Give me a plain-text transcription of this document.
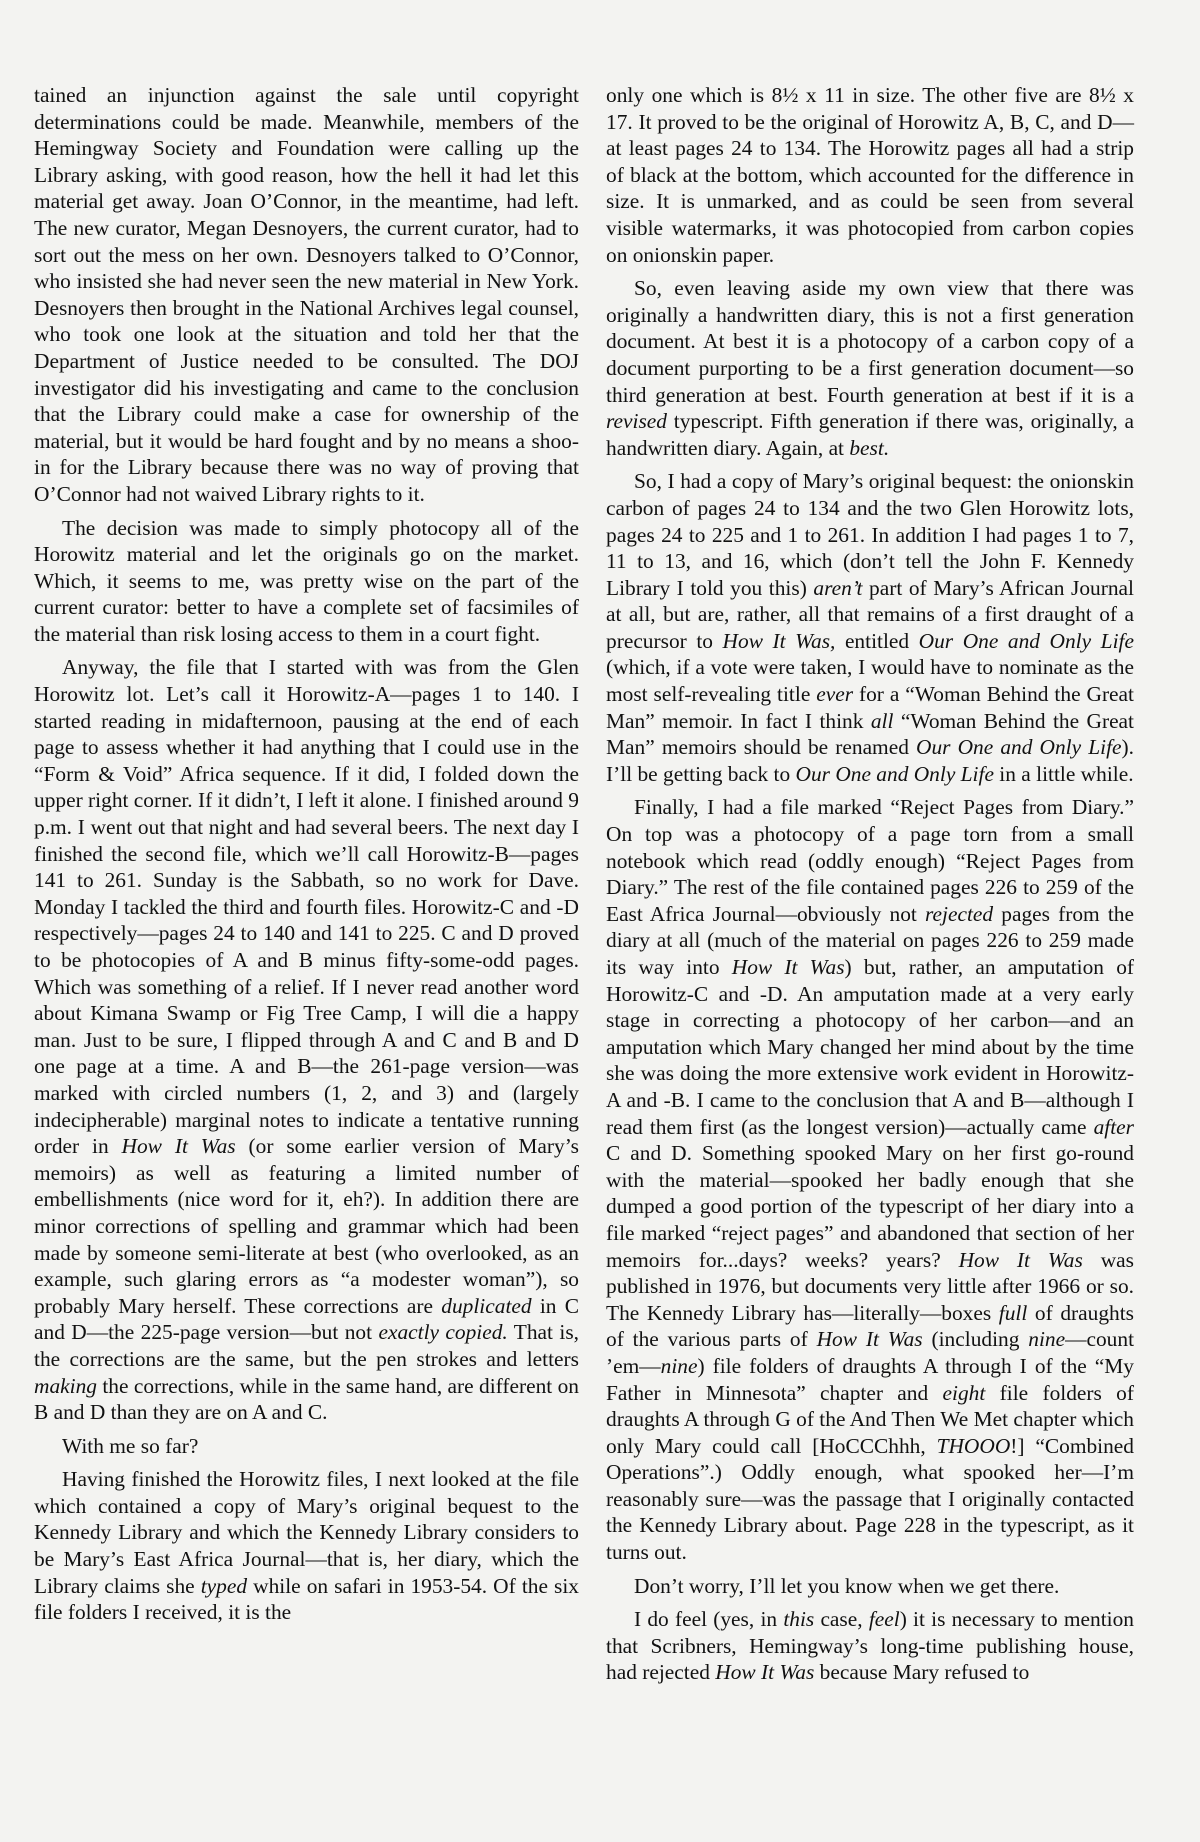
tained an injunction against the sale until copyright determinations could be made. Meanwhile, members of the Hemingway Society and Foundation were calling up the Library asking, with good reason, how the hell it had let this material get away. Joan O’Connor, in the meantime, had left. The new curator, Megan Desnoyers, the current curator, had to sort out the mess on her own. Desnoyers talked to O’Connor, who insisted she had never seen the new material in New York. Desnoyers then brought in the National Archives legal counsel, who took one look at the situation and told her that the Department of Justice needed to be consulted. The DOJ investigator did his investigating and came to the conclusion that the Library could make a case for ownership of the material, but it would be hard fought and by no means a shoo-in for the Library because there was no way of proving that O’Connor had not waived Library rights to it.

The decision was made to simply photocopy all of the Horowitz material and let the originals go on the market. Which, it seems to me, was pretty wise on the part of the current curator: better to have a complete set of facsimiles of the material than risk losing access to them in a court fight.

Anyway, the file that I started with was from the Glen Horowitz lot. Let’s call it Horowitz-A—pages 1 to 140. I started reading in midafternoon, pausing at the end of each page to assess whether it had anything that I could use in the “Form & Void” Africa sequence. If it did, I folded down the upper right corner. If it didn’t, I left it alone. I finished around 9 p.m. I went out that night and had several beers. The next day I finished the second file, which we’ll call Horowitz-B—pages 141 to 261. Sunday is the Sabbath, so no work for Dave. Monday I tackled the third and fourth files. Horowitz-C and -D respectively—pages 24 to 140 and 141 to 225. C and D proved to be photocopies of A and B minus fifty-some-odd pages. Which was something of a relief. If I never read another word about Kimana Swamp or Fig Tree Camp, I will die a happy man. Just to be sure, I flipped through A and C and B and D one page at a time. A and B—the 261-page version—was marked with circled numbers (1, 2, and 3) and (largely indecipherable) marginal notes to indicate a tentative running order in How It Was (or some earlier version of Mary’s memoirs) as well as featuring a limited number of embellishments (nice word for it, eh?). In addition there are minor corrections of spelling and grammar which had been made by someone semi-literate at best (who overlooked, as an example, such glaring errors as “a modester woman”), so probably Mary herself. These corrections are duplicated in C and D—the 225-page version—but not exactly copied. That is, the corrections are the same, but the pen strokes and letters making the corrections, while in the same hand, are different on B and D than they are on A and C.

With me so far?

Having finished the Horowitz files, I next looked at the file which contained a copy of Mary’s original bequest to the Kennedy Library and which the Kennedy Library considers to be Mary’s East Africa Journal—that is, her diary, which the Library claims she typed while on safari in 1953-54. Of the six file folders I received, it is the

only one which is 8½ x 11 in size. The other five are 8½ x 17. It proved to be the original of Horowitz A, B, C, and D—at least pages 24 to 134. The Horowitz pages all had a strip of black at the bottom, which accounted for the difference in size. It is unmarked, and as could be seen from several visible watermarks, it was photocopied from carbon copies on onionskin paper.

So, even leaving aside my own view that there was originally a handwritten diary, this is not a first generation document. At best it is a photocopy of a carbon copy of a document purporting to be a first generation document—so third generation at best. Fourth generation at best if it is a revised typescript. Fifth generation if there was, originally, a handwritten diary. Again, at best.

So, I had a copy of Mary’s original bequest: the onionskin carbon of pages 24 to 134 and the two Glen Horowitz lots, pages 24 to 225 and 1 to 261. In addition I had pages 1 to 7, 11 to 13, and 16, which (don’t tell the John F. Kennedy Library I told you this) aren’t part of Mary’s African Journal at all, but are, rather, all that remains of a first draught of a precursor to How It Was, entitled Our One and Only Life (which, if a vote were taken, I would have to nominate as the most self-revealing title ever for a “Woman Behind the Great Man” memoir. In fact I think all “Woman Behind the Great Man” memoirs should be renamed Our One and Only Life). I’ll be getting back to Our One and Only Life in a little while.

Finally, I had a file marked “Reject Pages from Diary.” On top was a photocopy of a page torn from a small notebook which read (oddly enough) “Reject Pages from Diary.” The rest of the file contained pages 226 to 259 of the East Africa Journal—obviously not rejected pages from the diary at all (much of the material on pages 226 to 259 made its way into How It Was) but, rather, an amputation of Horowitz-C and -D. An amputation made at a very early stage in correcting a photocopy of her carbon—and an amputation which Mary changed her mind about by the time she was doing the more extensive work evident in Horowitz-A and -B. I came to the conclusion that A and B—although I read them first (as the longest version)—actually came after C and D. Something spooked Mary on her first go-round with the material—spooked her badly enough that she dumped a good portion of the typescript of her diary into a file marked “reject pages” and abandoned that section of her memoirs for...days? weeks? years? How It Was was published in 1976, but documents very little after 1966 or so. The Kennedy Library has—literally—boxes full of draughts of the various parts of How It Was (including nine—count ’em—nine) file folders of draughts A through I of the “My Father in Minnesota” chapter and eight file folders of draughts A through G of the And Then We Met chapter which only Mary could call [HoCCChhh, THOOO!] “Combined Operations”.) Oddly enough, what spooked her—I’m reasonably sure—was the passage that I originally contacted the Kennedy Library about. Page 228 in the typescript, as it turns out.

Don’t worry, I’ll let you know when we get there.

I do feel (yes, in this case, feel) it is necessary to mention that Scribners, Hemingway’s long-time publishing house, had rejected How It Was because Mary refused to
